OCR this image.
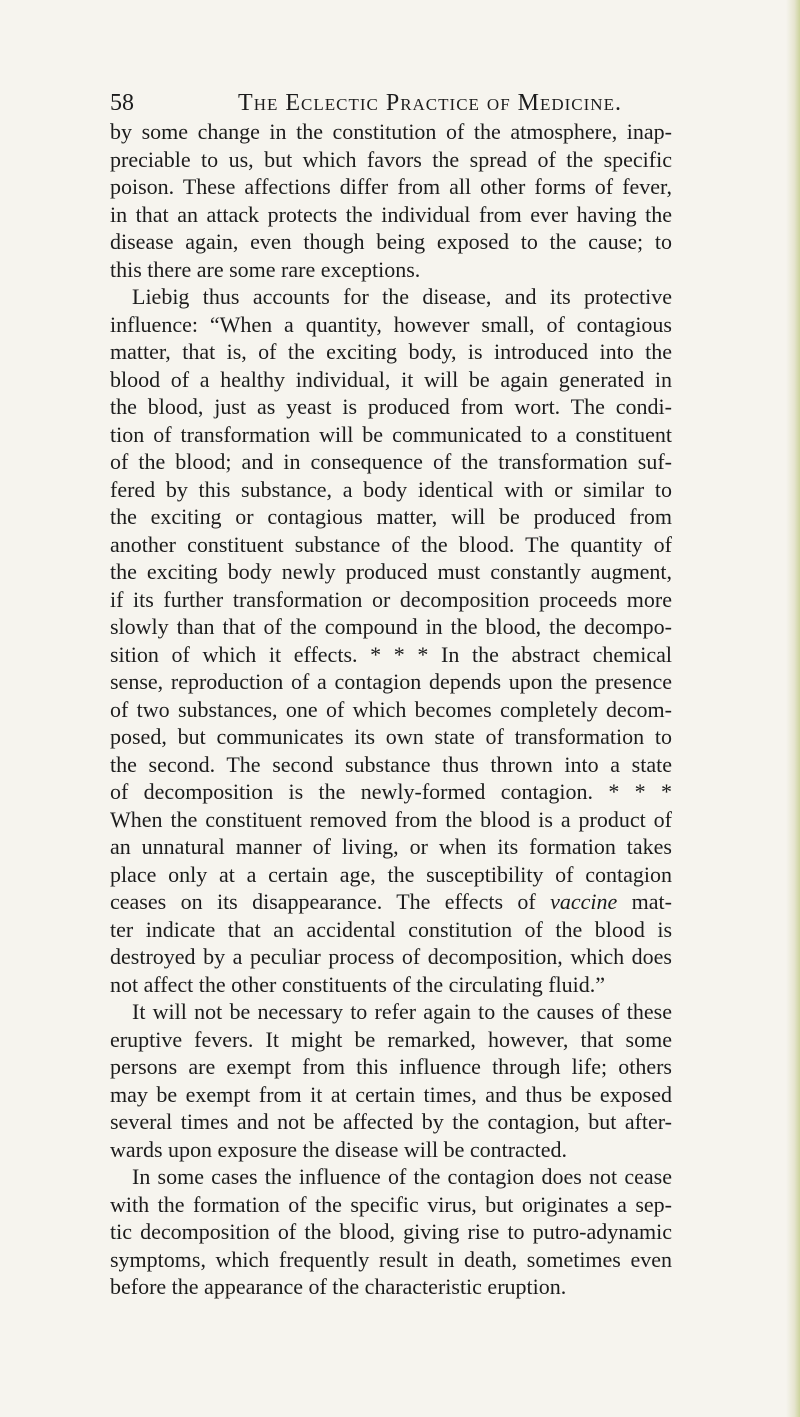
58	The Eclectic Practice of Medicine.
by some change in the constitution of the atmosphere, inap-
preciable to us, but which favors the spread of the specific
poison. These affections differ from all other forms of fever,
in that an attack protects the individual from ever having the
disease again, even though being exposed to the cause; to
this there are some rare exceptions.
Liebig thus accounts for the disease, and its protective
influence: “When a quantity, however small, of contagious
matter, that is, of the exciting body, is introduced into the
blood of a healthy individual, it will be again generated in
the blood, just as yeast is produced from wort. The condi-
tion of transformation will be communicated to a constituent
of the blood; and in consequence of the transformation suf-
fered by this substance, a body identical with or similar to
the exciting or contagious matter, will be produced from
another constituent substance of the blood. The quantity of
the exciting body newly produced must constantly augment,
if its further transformation or decomposition proceeds more
slowly than that of the compound in the blood, the decompo-
sition of which it effects. * * * In the abstract chemical
sense, reproduction of a contagion depends upon the presence
of two substances, one of which becomes completely decom-
posed, but communicates its own state of transformation to
the second. The second substance thus thrown into a state
of decomposition is the newly-formed contagion. * * *
When the constituent removed from the blood is a product of
an unnatural manner of living, or when its formation takes
place only at a certain age, the susceptibility of contagion
ceases on its disappearance. The effects of vaccine mat-
ter indicate that an accidental constitution of the blood is
destroyed by a peculiar process of decomposition, which does
not affect the other constituents of the circulating fluid.”
It will not be necessary to refer again to the causes of these
eruptive fevers. It might be remarked, however, that some
persons are exempt from this influence through life; others
may be exempt from it at certain times, and thus be exposed
several times and not be affected by the contagion, but after-
wards upon exposure the disease will be contracted.
In some cases the influence of the contagion does not cease
with the formation of the specific virus, but originates a sep-
tic decomposition of the blood, giving rise to putro-adynamic
symptoms, which frequently result in death, sometimes even
before the appearance of the characteristic eruption.
